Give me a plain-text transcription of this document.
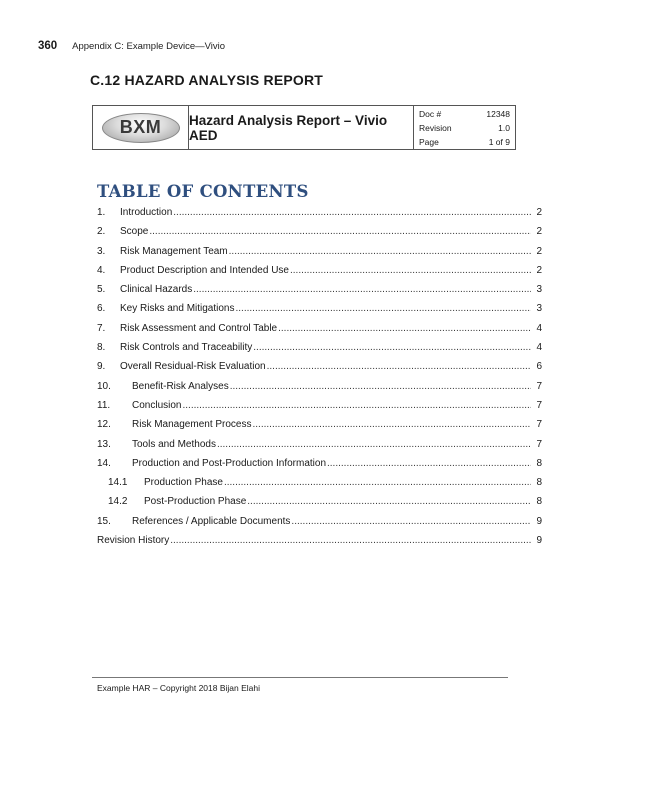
360 Appendix C: Example Device—Vivio
C.12 HAZARD ANALYSIS REPORT
BXM Hazard Analysis Report – Vivio AED
Doc #	12348
Revision	1.0
Page	1 of 9
TABLE OF CONTENTS
1.	Introduction .....	2
2.	Scope .....	2
3.	Risk Management Team .....	2
4.	Product Description and Intended Use .....	2
5.	Clinical Hazards .....	3
6.	Key Risks and Mitigations .....	3
7.	Risk Assessment and Control Table .....	4
8.	Risk Controls and Traceability .....	4
9.	Overall Residual-Risk Evaluation .....	6
10.	Benefit-Risk Analyses .....	7
11.	Conclusion .....	7
12.	Risk Management Process .....	7
13.	Tools and Methods .....	7
14.	Production and Post-Production Information .....	8
14.1	Production Phase .....	8
14.2	Post-Production Phase .....	8
15.	References / Applicable Documents .....	9
Revision History .....	9
Example HAR – Copyright 2018 Bijan Elahi
